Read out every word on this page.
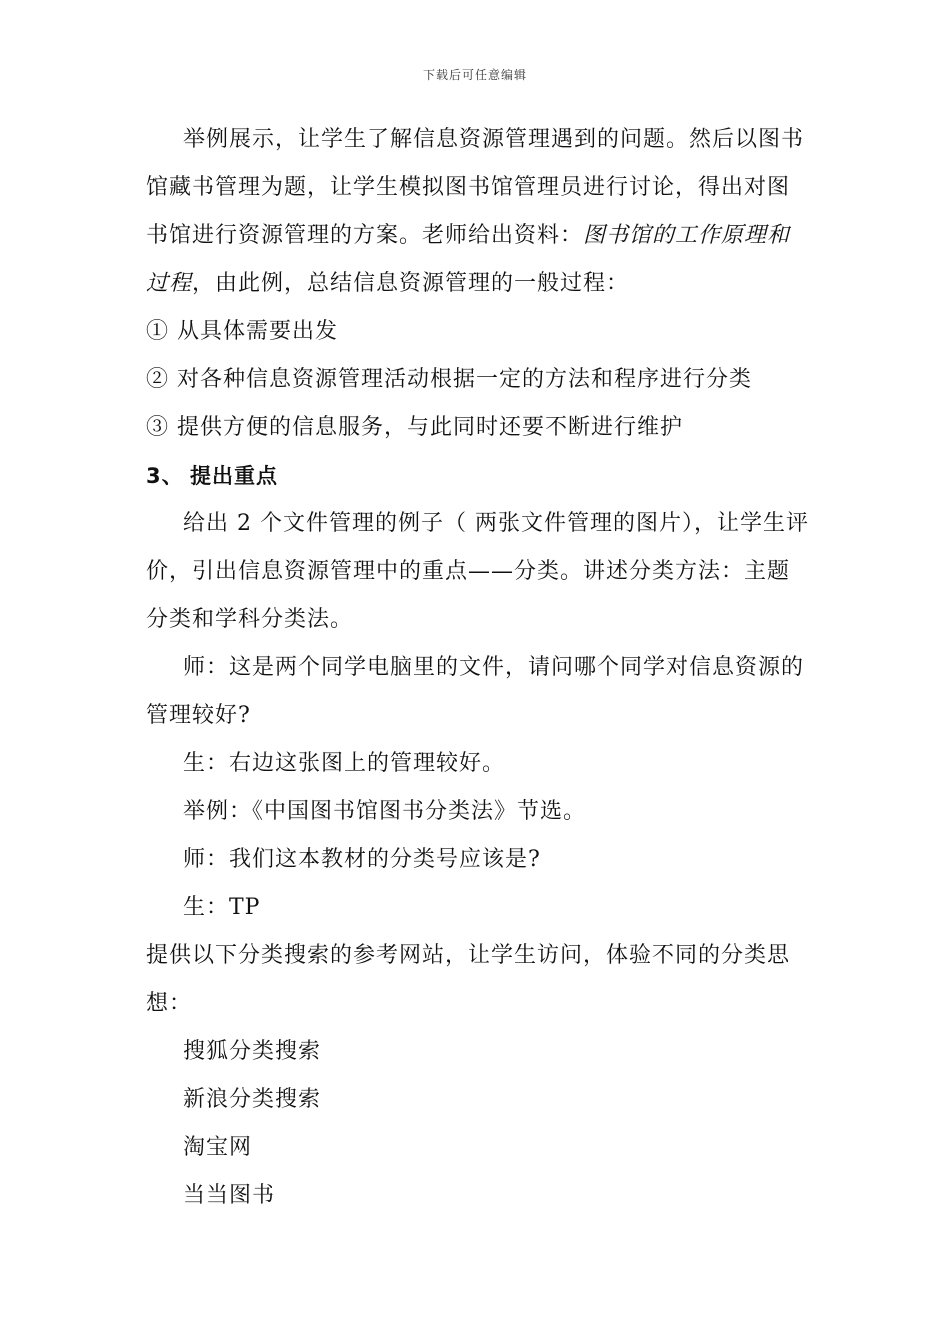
下载后可任意编辑

举例展示，让学生了解信息资源管理遇到的问题。然后以图书馆藏书管理为题，让学生模拟图书馆管理员进行讨论，得出对图书馆进行资源管理的方案。老师给出资料：图书馆的工作原理和过程，由此例，总结信息资源管理的一般过程：

① 从具体需要出发

② 对各种信息资源管理活动根据一定的方法和程序进行分类

③ 提供方便的信息服务，与此同时还要不断进行维护

3、 提出重点

给出 2 个文件管理的例子（ 两张文件管理的图片），让学生评价，引出信息资源管理中的重点——分类。讲述分类方法：主题分类和学科分类法。

师：这是两个同学电脑里的文件，请问哪个同学对信息资源的管理较好?

生：右边这张图上的管理较好。

举例：《中国图书馆图书分类法》节选。

师：我们这本教材的分类号应该是?

生：TP

提供以下分类搜索的参考网站，让学生访问，体验不同的分类思想：

搜狐分类搜索

新浪分类搜索

淘宝网

当当图书
